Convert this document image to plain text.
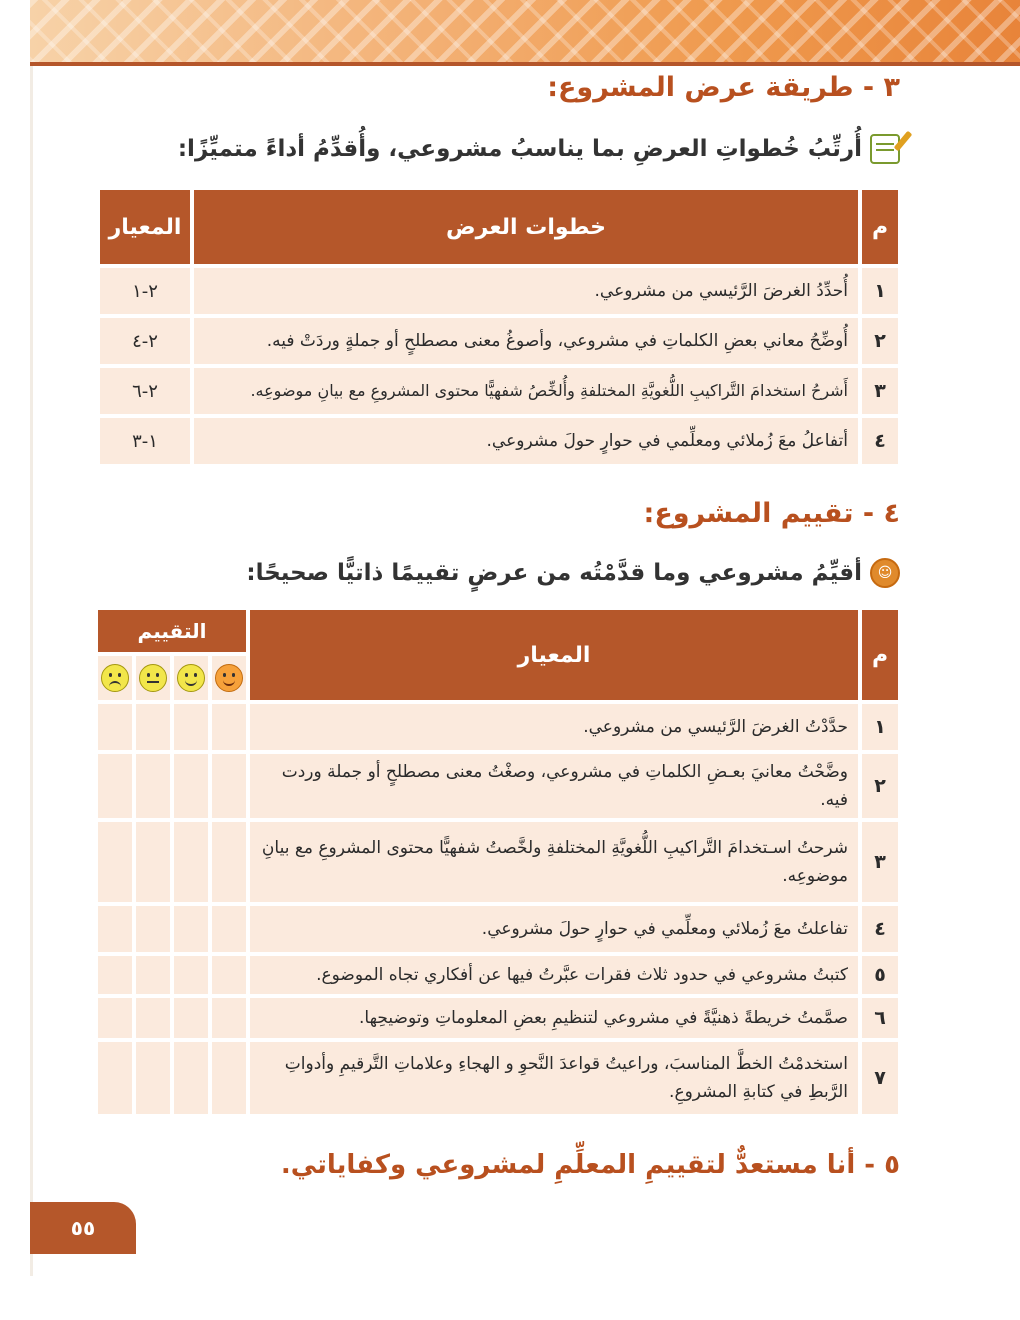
٣ - طريقة عرض المشروع:
أُرتِّبُ خُطواتِ العرضِ بما يناسبُ مشروعي، وأُقدِّمُ أداءً متميِّزًا:
م	خطوات العرض	المعيار
١	أُحدِّدُ الغرضَ الرَّئيسي من مشروعي.	٢-١
٢	أُوضِّحُ معاني بعضِ الكلماتِ في مشروعي، وأصوغُ معنى مصطلحٍ أو جملةٍ وردَتْ فيه.	٢-٤
٣	أَشرحُ استخدامَ التَّراكيبِ اللُّغويَّةِ المختلفةِ وأُلخِّصُ شفهيًّا محتوى المشروعِ مع بيانِ موضوعِه.	٢-٦
٤	أتفاعلُ معَ زُملائي ومعلِّمي في حوارٍ حولَ مشروعي.	١-٣
٤ - تقييم المشروع:
☺
أقيِّمُ مشروعي وما قدَّمْتُه من عرضٍ تقييمًا ذاتيًّا صحيحًا:
م	المعيار	التقييم			

١	حدَّدْتُ الغرضَ الرَّئيسي من مشروعي.				
٢	وضَّحْتُ معانيَ بعـضِ الكلماتِ في مشروعي، وصغْتُ معنى مصطلحٍ أو جملة وردت فيه.				
٣	شرحتُ اسـتخدامَ التَّراكيبِ اللُّغويَّةِ المختلفةِ ولخَّصتُ شفهيًّا محتوى المشروعِ مع بيانِ موضوعِه.				
٤	تفاعلتُ معَ زُملائي ومعلِّمي في حوارٍ حولَ مشروعي.				
٥	كتبتُ مشروعي في حدود ثلاث فقرات عبَّرتُ فيها عن أفكاري تجاه الموضوع.				
٦	صمَّمتُ خريطةً ذهنيَّةً في مشروعي لتنظيمِ بعضِ المعلوماتِ وتوضيحِها.				
٧	استخدمْتُ الخطَّ المناسبَ، وراعيتُ قواعدَ النَّحوِ و الهجاءِ وعلاماتِ التَّرقيمِ وأدواتِ الرَّبطِ في كتابةِ المشروعِ.				
٥ - أنا مستعدٌّ لتقييمِ المعلِّمِ لمشروعي وكفاياتي.
٥٥
